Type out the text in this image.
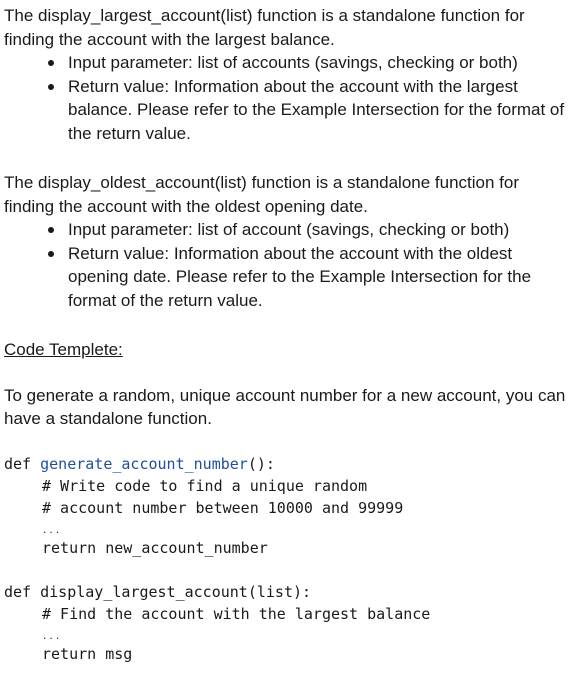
The display_largest_account(list) function is a standalone function for finding the account with the largest balance.

Input parameter: list of accounts (savings, checking or both)
Return value: Information about the account with the largest balance. Please refer to the Example Intersection for the format of the return value.

The display_oldest_account(list) function is a standalone function for finding the account with the oldest opening date.

Input parameter: list of account (savings, checking or both)
Return value: Information about the account with the oldest opening date. Please refer to the Example Intersection for the format of the return value.
Code Templete:

To generate a random, unique account number for a new account, you can have a standalone function.

def generate_account_number():

# Write code to find a unique random
# account number between 10000 and 99999
...
return new_account_number
def display_largest_account(list):

# Find the account with the largest balance
...
return msg
